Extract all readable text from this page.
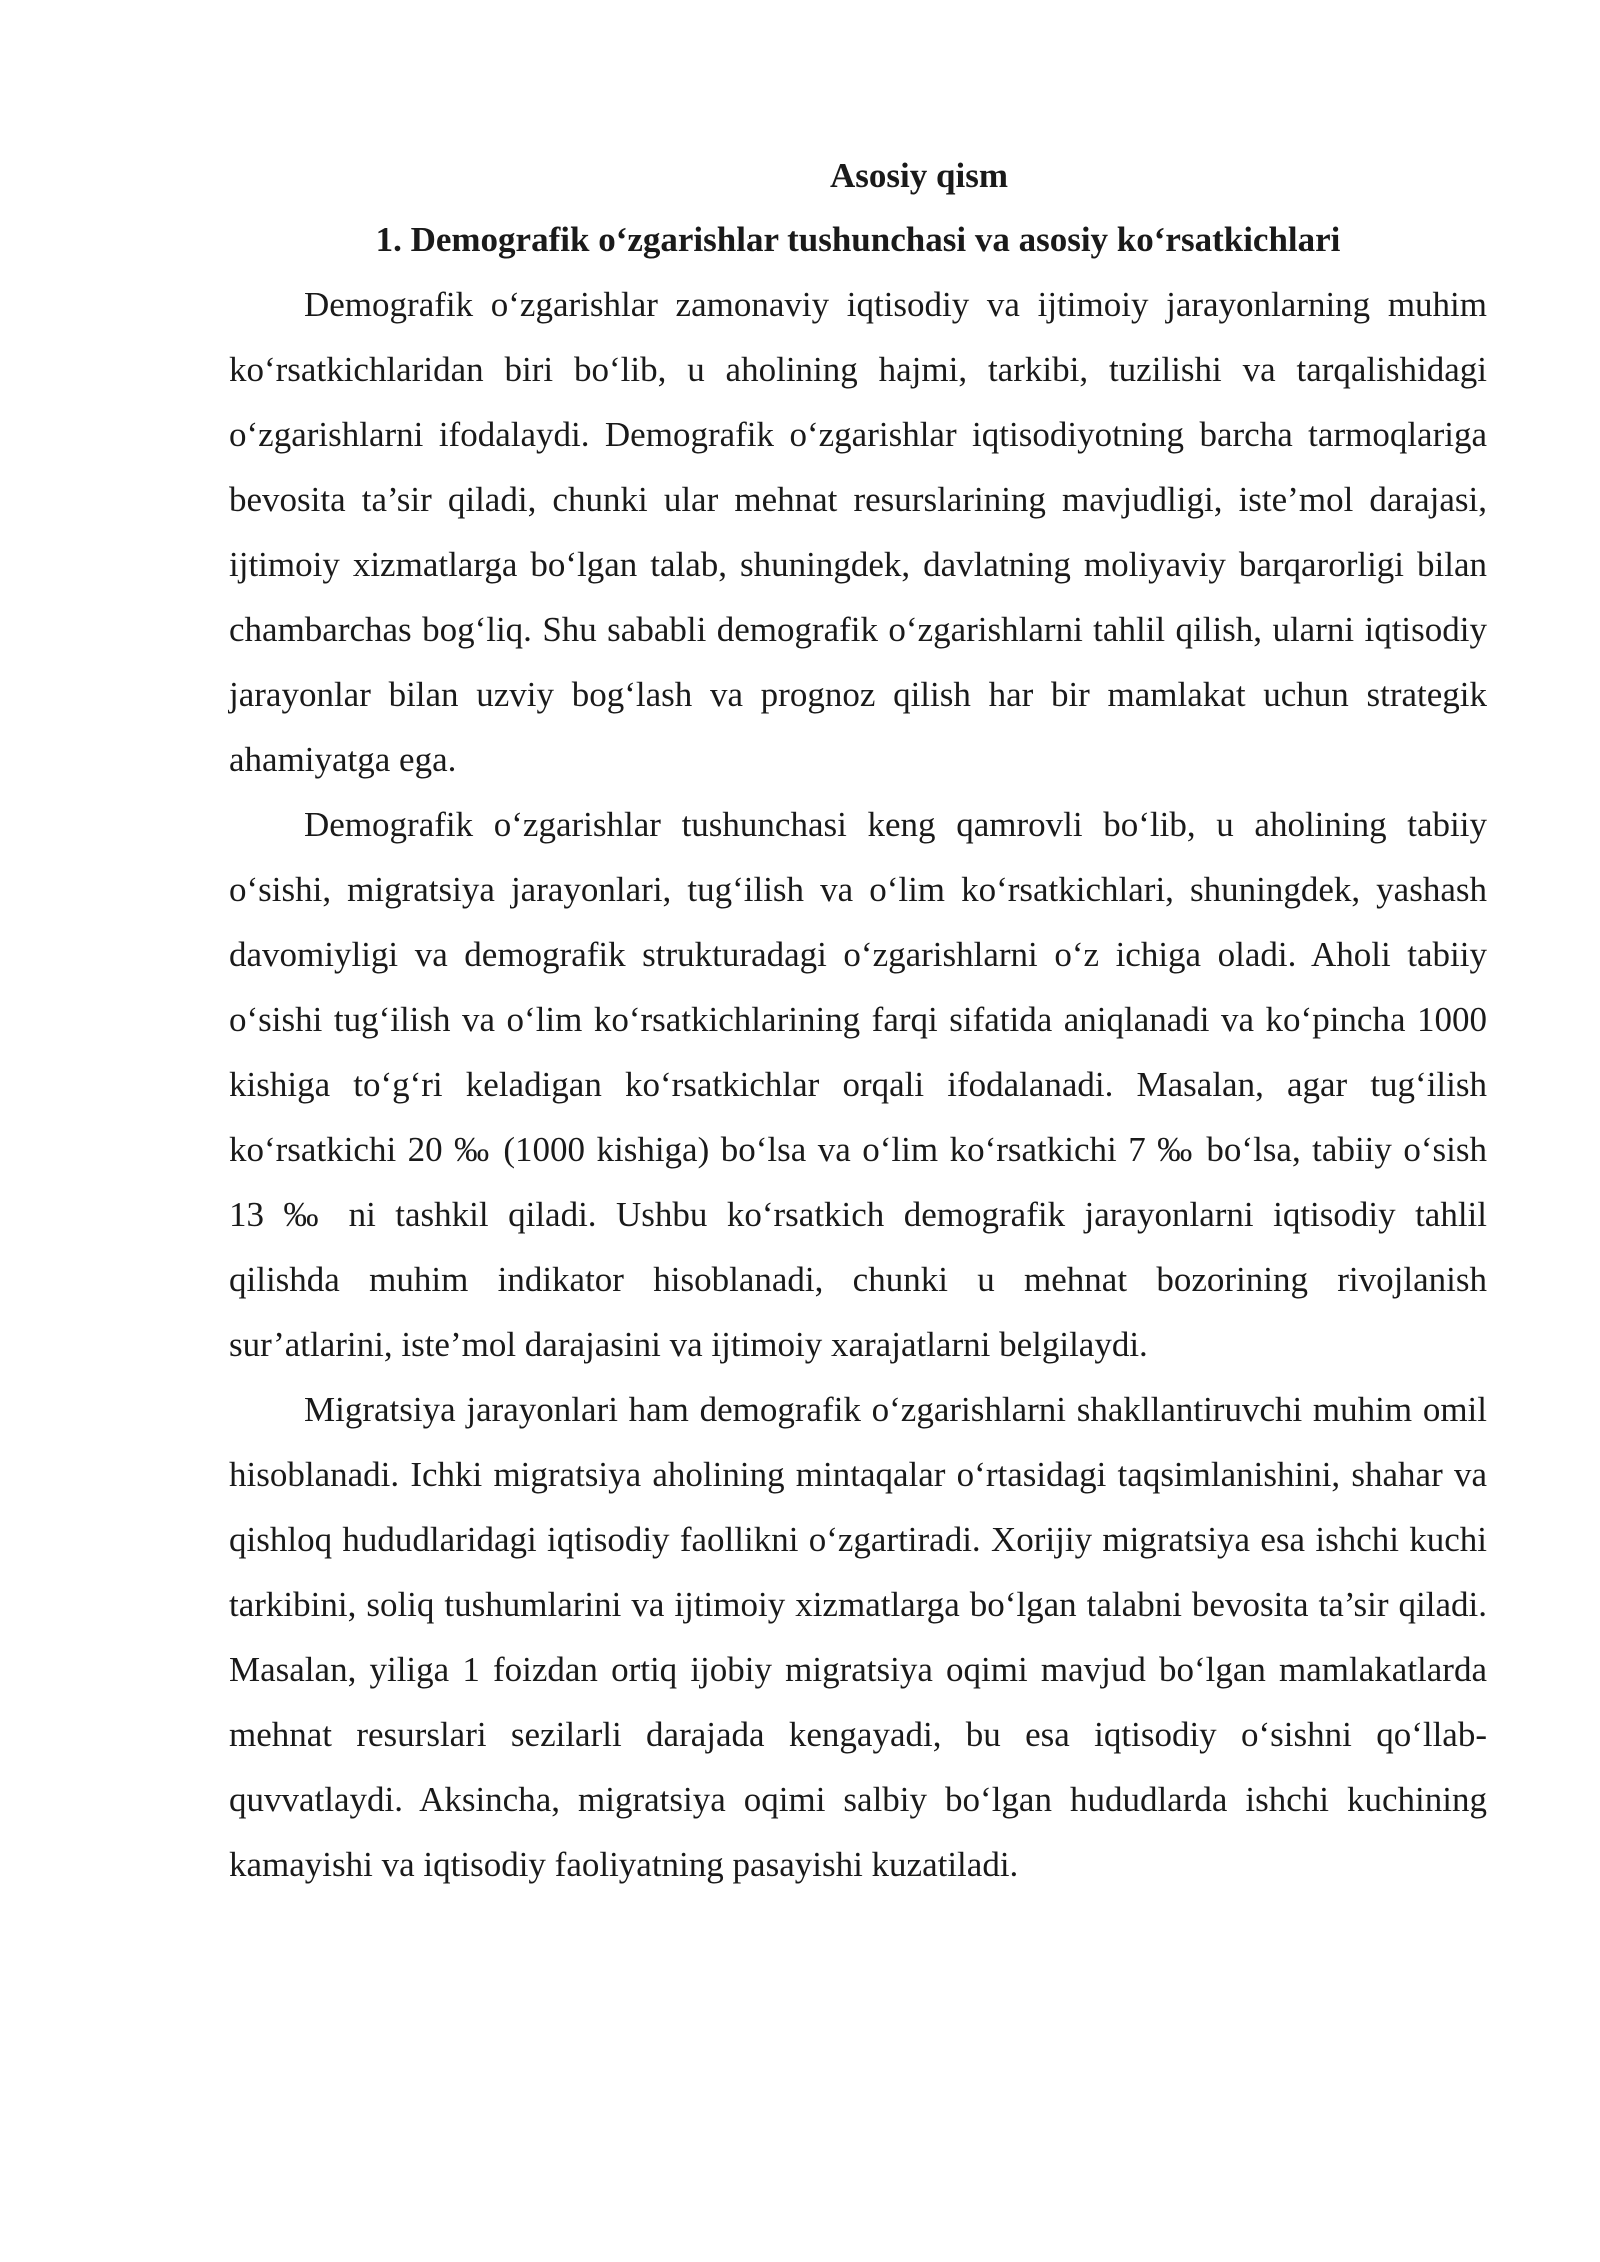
Asosiy qism
1. Demografik o‘zgarishlar tushunchasi va asosiy ko‘rsatkichlari

Demografik o‘zgarishlar zamonaviy iqtisodiy va ijtimoiy jarayonlarning muhim ko‘rsatkichlaridan biri bo‘lib, u aholining hajmi, tarkibi, tuzilishi va tarqalishidagi o‘zgarishlarni ifodalaydi. Demografik o‘zgarishlar iqtisodiyotning barcha tarmoqlariga bevosita ta’sir qiladi, chunki ular mehnat resurslarining mavjudligi, iste’mol darajasi, ijtimoiy xizmatlarga bo‘lgan talab, shuningdek, davlatning moliyaviy barqarorligi bilan chambarchas bog‘liq. Shu sababli demografik o‘zgarishlarni tahlil qilish, ularni iqtisodiy jarayonlar bilan uzviy bog‘lash va prognoz qilish har bir mamlakat uchun strategik ahamiyatga ega.

Demografik o‘zgarishlar tushunchasi keng qamrovli bo‘lib, u aholining tabiiy o‘sishi, migratsiya jarayonlari, tug‘ilish va o‘lim ko‘rsatkichlari, shuningdek, yashash davomiyligi va demografik strukturadagi o‘zgarishlarni o‘z ichiga oladi. Aholi tabiiy o‘sishi tug‘ilish va o‘lim ko‘rsatkichlarining farqi sifatida aniqlanadi va ko‘pincha 1000 kishiga to‘g‘ri keladigan ko‘rsatkichlar orqali ifodalanadi. Masalan, agar tug‘ilish ko‘rsatkichi 20 ‰ (1000 kishiga) bo‘lsa va o‘lim ko‘rsatkichi 7 ‰ bo‘lsa, tabiiy o‘sish 13 ‰ ni tashkil qiladi. Ushbu ko‘rsatkich demografik jarayonlarni iqtisodiy tahlil qilishda muhim indikator hisoblanadi, chunki u mehnat bozorining rivojlanish sur’atlarini, iste’mol darajasini va ijtimoiy xarajatlarni belgilaydi.

Migratsiya jarayonlari ham demografik o‘zgarishlarni shakllantiruvchi muhim omil hisoblanadi. Ichki migratsiya aholining mintaqalar o‘rtasidagi taqsimlanishini, shahar va qishloq hududlaridagi iqtisodiy faollikni o‘zgartiradi. Xorijiy migratsiya esa ishchi kuchi tarkibini, soliq tushumlarini va ijtimoiy xizmatlarga bo‘lgan talabni bevosita ta’sir qiladi. Masalan, yiliga 1 foizdan ortiq ijobiy migratsiya oqimi mavjud bo‘lgan mamlakatlarda mehnat resurslari sezilarli darajada kengayadi, bu esa iqtisodiy o‘sishni qo‘llab-quvvatlaydi. Aksincha, migratsiya oqimi salbiy bo‘lgan hududlarda ishchi kuchining kamayishi va iqtisodiy faoliyatning pasayishi kuzatiladi.
